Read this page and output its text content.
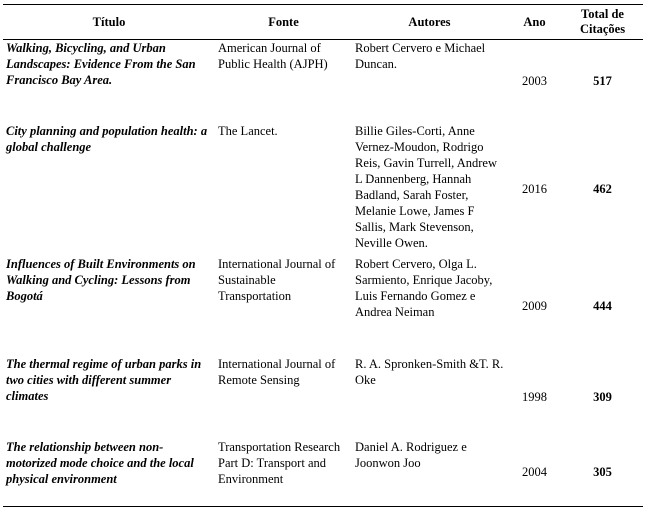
Título	Fonte	Autores	Ano	Total de
Citações
Walking, Bicycling, and Urban Landscapes: Evidence From the San Francisco Bay Area.	American Journal of Public Health (AJPH)	Robert Cervero e Michael Duncan.	2003	517
City planning and population health: a global challenge	The Lancet.	Billie Giles-Corti, Anne Vernez-Moudon, Rodrigo Reis, Gavin Turrell, Andrew L Dannenberg, Hannah Badland, Sarah Foster, Melanie Lowe, James F Sallis, Mark Stevenson, Neville Owen.	2016	462
Influences of Built Environments on Walking and Cycling: Lessons from Bogotá	International Journal of Sustainable Transportation	Robert Cervero, Olga L. Sarmiento, Enrique Jacoby, Luis Fernando Gomez e Andrea Neiman	2009	444
The thermal regime of urban parks in two cities with different summer climates	International Journal of Remote Sensing	R. A. Spronken-Smith &T. R. Oke	1998	309
The relationship between non-motorized mode choice and the local physical environment	Transportation Research Part D: Transport and Environment	Daniel A. Rodriguez e Joonwon Joo	2004	305
